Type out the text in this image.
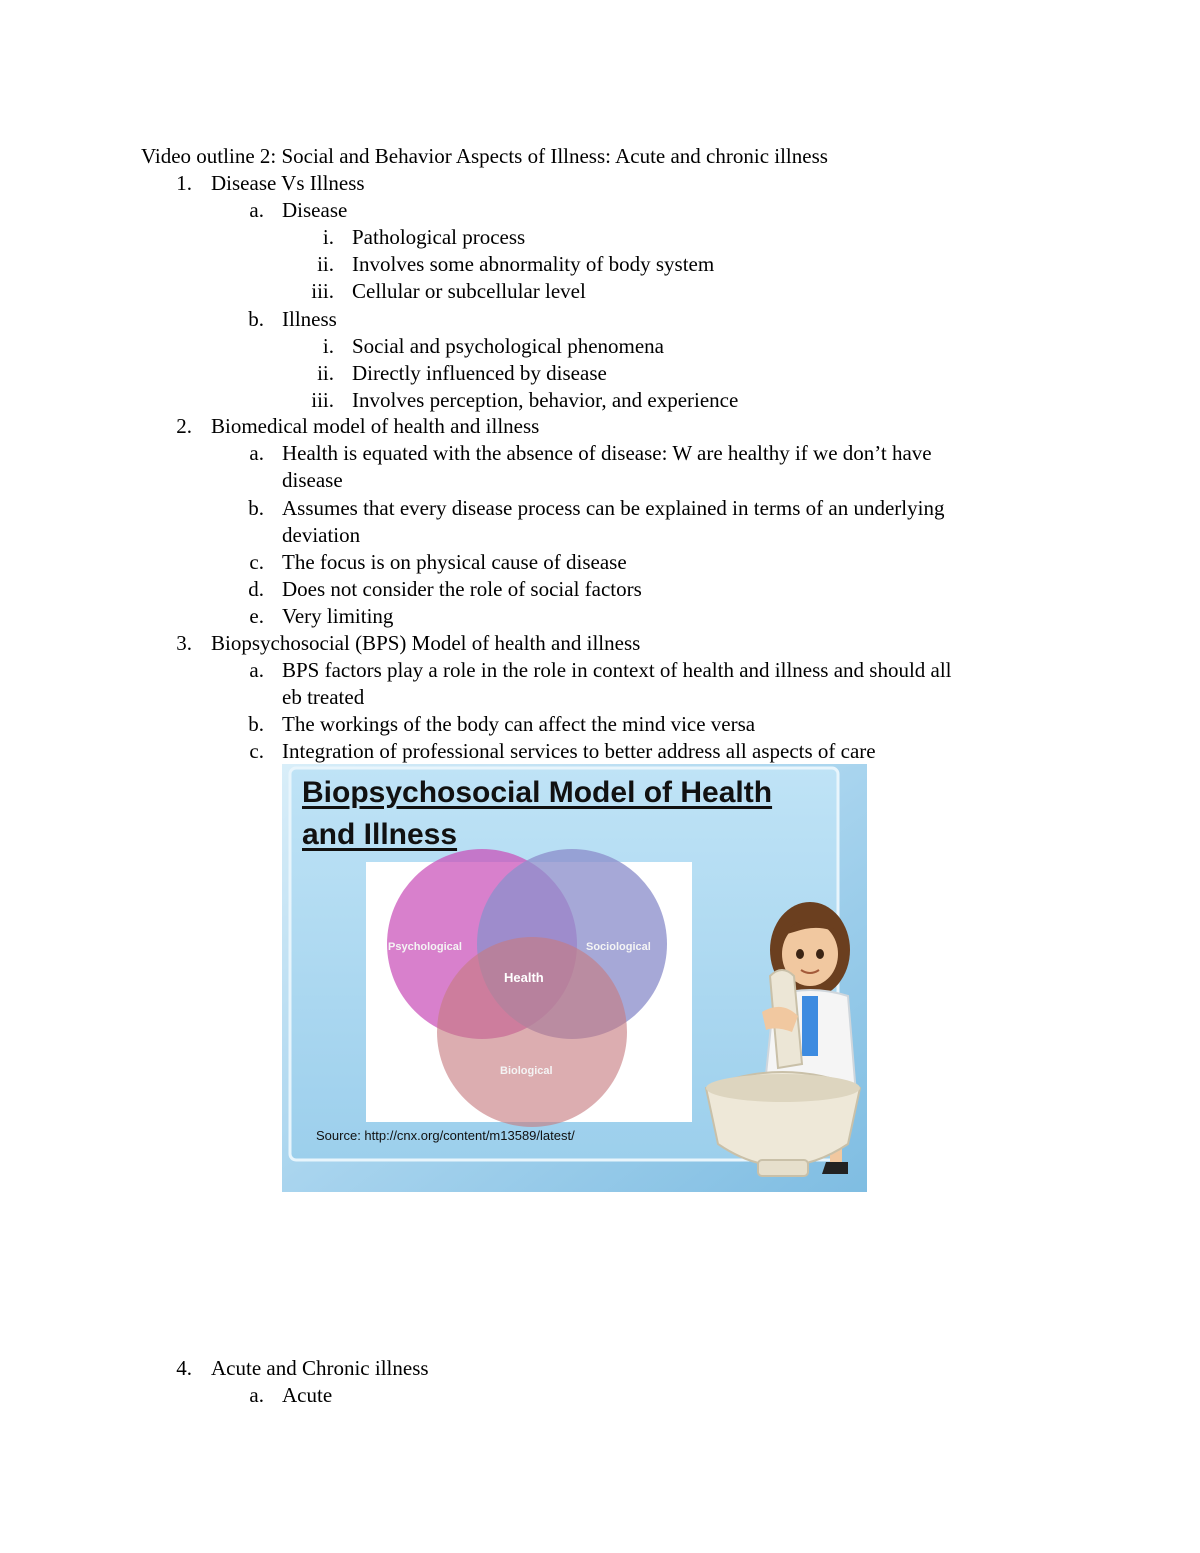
Video outline 2: Social and Behavior Aspects of Illness: Acute and chronic illness
1. Disease Vs Illness
a. Disease
i. Pathological process
ii. Involves some abnormality of body system
iii. Cellular or subcellular level
b. Illness
i. Social and psychological phenomena
ii. Directly influenced by disease
iii. Involves perception, behavior, and experience
2. Biomedical model of health and illness
a. Health is equated with the absence of disease: W are healthy if we don’t have
disease
b. Assumes that every disease process can be explained in terms of an underlying
deviation
c. The focus is on physical cause of disease
d. Does not consider the role of social factors
e. Very limiting
3. Biopsychosocial (BPS) Model of health and illness
a. BPS factors play a role in the role in context of health and illness and should all
eb treated
b. The workings of the body can affect the mind vice versa
c. Integration of professional services to better address all aspects of care
Psychological	Sociological
Biological
Health
Biopsychosocial Model of Health
and Illness
Source: http://cnx.org/content/m13589/latest/
4. Acute and Chronic illness
a. Acute
